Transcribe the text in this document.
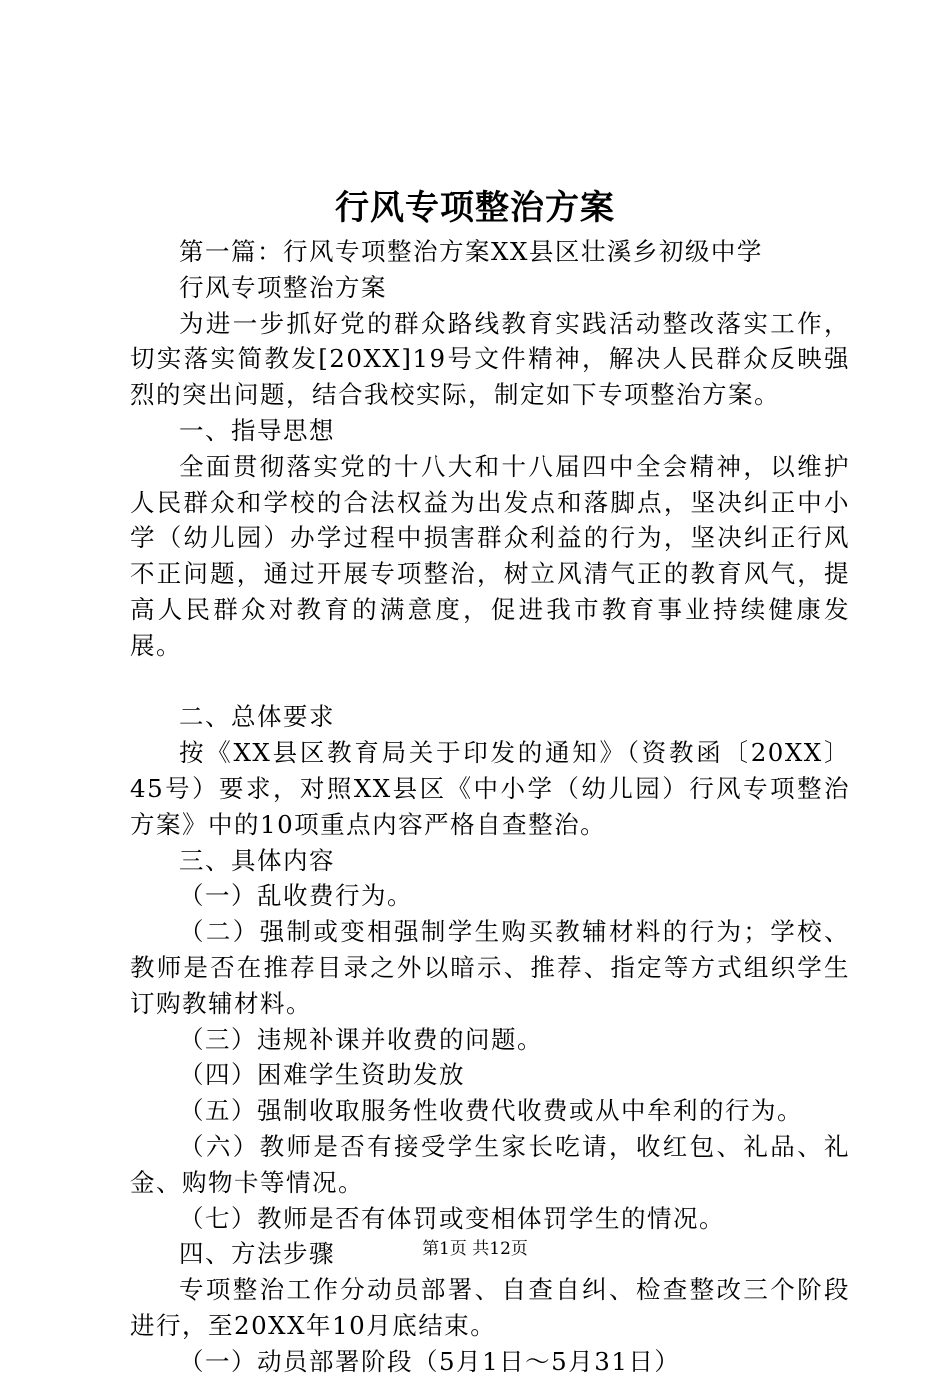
行风专项整治方案

第一篇：行风专项整治方案XX县区壮溪乡初级中学

行风专项整治方案

为进一步抓好党的群众路线教育实践活动整改落实工作，切实落实简教发[20XX]19号文件精神，解决人民群众反映强烈的突出问题，结合我校实际，制定如下专项整治方案。

一、指导思想

全面贯彻落实党的十八大和十八届四中全会精神，以维护人民群众和学校的合法权益为出发点和落脚点，坚决纠正中小学（幼儿园）办学过程中损害群众利益的行为，坚决纠正行风不正问题，通过开展专项整治，树立风清气正的教育风气，提高人民群众对教育的满意度，促进我市教育事业持续健康发展。

二、总体要求

按《XX县区教育局关于印发的通知》（资教函〔20XX〕45号）要求，对照XX县区《中小学（幼儿园）行风专项整治方案》中的10项重点内容严格自查整治。

三、具体内容

（一）乱收费行为。

（二）强制或变相强制学生购买教辅材料的行为；学校、教师是否在推荐目录之外以暗示、推荐、指定等方式组织学生订购教辅材料。

（三）违规补课并收费的问题。

（四）困难学生资助发放

（五）强制收取服务性收费代收费或从中牟利的行为。

（六）教师是否有接受学生家长吃请，收红包、礼品、礼金、购物卡等情况。

（七）教师是否有体罚或变相体罚学生的情况。

四、方法步骤

专项整治工作分动员部署、自查自纠、检查整改三个阶段进行，至20XX年10月底结束。

（一）动员部署阶段（5月1日～5月31日）

第1页 共12页
